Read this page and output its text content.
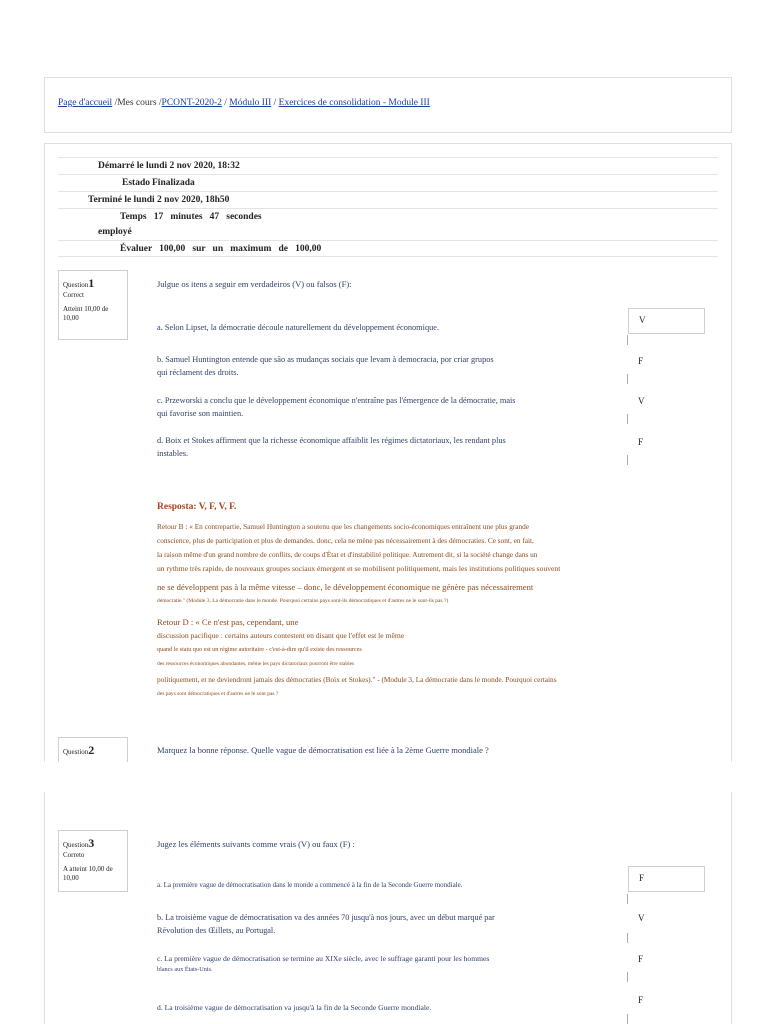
Page d'accueil /Mes cours /PCONT-2020-2 / Módulo III / Exercices de consolidation - Module III
Démarré le lundi 2 nov 2020, 18:32
Estado Finalizada
Terminé le lundi 2 nov 2020, 18h50
Temps   17   minutes   47   secondes
employé
Évaluer   100,00   sur   un   maximum   de   100,00
Question1
Correct
Atteint 10,00 de 10,00
Julgue os itens a seguir em verdadeiros (V) ou falsos (F):
a. Selon Lipset, la démocratie découle naturellement du développement économique.
V
b. Samuel Huntington entende que são as mudanças sociais que levam à democracia, por criar grupos
qui réclament des droits.
F
c. Przeworski a conclu que le développement économique n'entraîne pas l'émergence de la démocratie, mais
qui favorise son maintien.
V
d. Boix et Stokes affirment que la richesse économique affaiblit les régimes dictatoriaux, les rendant plus
instables.
F
Resposta: V, F, V, F.
Retour B : « En contrepartie, Samuel Huntington a soutenu que les changements socio-économiques entraînent une plus grande
conscience, plus de participation et plus de demandes. donc, cela ne mène pas nécessairement à des démocraties. Ce sont, en fait,
la raison même d'un grand nombre de conflits, de coups d'État et d'instabilité politique. Autrement dit, si la société change dans un
un rythme très rapide, de nouveaux groupes sociaux émergent et se mobilisent politiquement, mais les institutions politiques souvent
ne se développent pas à la même vitesse – donc, le développement économique ne génère pas nécessairement
démocratie." (Module 3, La démocratie dans le monde. Pourquoi certains pays sont-ils démocratiques et d'autres ne le sont-ils pas ?)
Retour D : « Ce n'est pas, cependant, une
discussion pacifique : certains auteurs contestent en disant que l'effet est le même
quand le statu quo est un régime autoritaire - c'est-à-dire qu'il existe des ressources
des ressources économiques abondantes, même les pays dictatoriaux pourront être stables
politiquement, et ne deviendront jamais des démocraties (Boix et Stokes)." - (Module 3, La démocratie dans le monde. Pourquoi certains
des pays sont démocratiques et d'autres ne le sont pas ?
Question2	Marquez la bonne réponse. Quelle vague de démocratisation est liée à la 2ème Guerre mondiale ?
Question3
Correto
A atteint 10,00 de 10,00
Jugez les éléments suivants comme vrais (V) ou faux (F) :
a. La première vague de démocratisation dans le monde a commencé à la fin de la Seconde Guerre mondiale.
F
b. La troisième vague de démocratisation va des années 70 jusqu'à nos jours, avec un début marqué par
Révolution des Œillets, au Portugal.
V
c. La première vague de démocratisation se termine au XIXe siècle, avec le suffrage garanti pour les hommes
blancs aux États-Unis.
F
d. La troisième vague de démocratisation va jusqu'à la fin de la Seconde Guerre mondiale.
F
